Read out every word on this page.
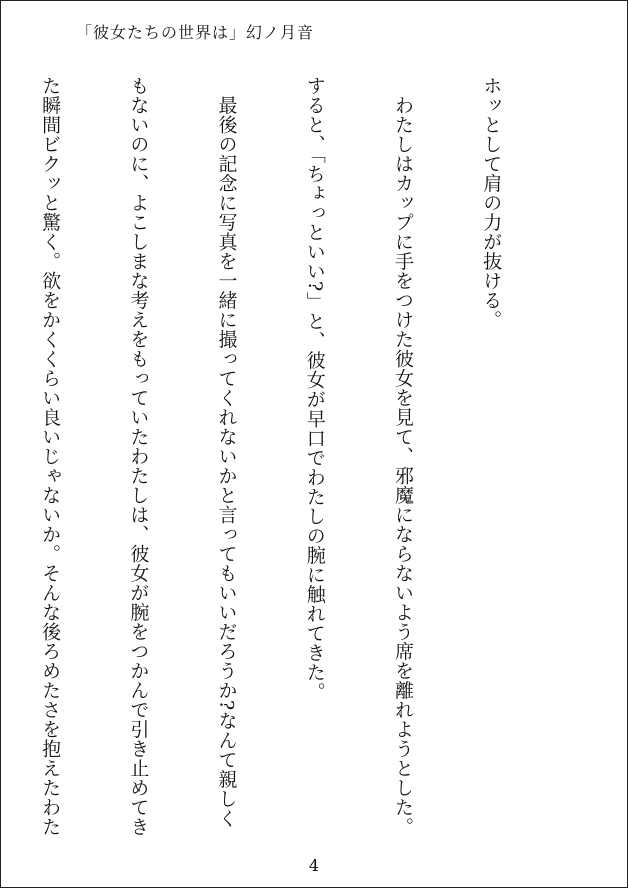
「彼女たちの世界は」幻ノ月音

ホッとして肩の力が抜ける。

　わたしはカップに手をつけた彼女を見て、邪魔にならないよう席を離れようとした。

すると、「ちょっといい?」と、彼女が早口でわたしの腕に触れてきた。

　最後の記念に写真を一緒に撮ってくれないかと言ってもいいだろうか?なんて親しく

もないのに、よこしまな考えをもっていたわたしは、彼女が腕をつかんで引き止めてき

た瞬間ビクッと驚く。欲をかくくらい良いじゃないか。そんな後ろめたさを抱えたわた

4
